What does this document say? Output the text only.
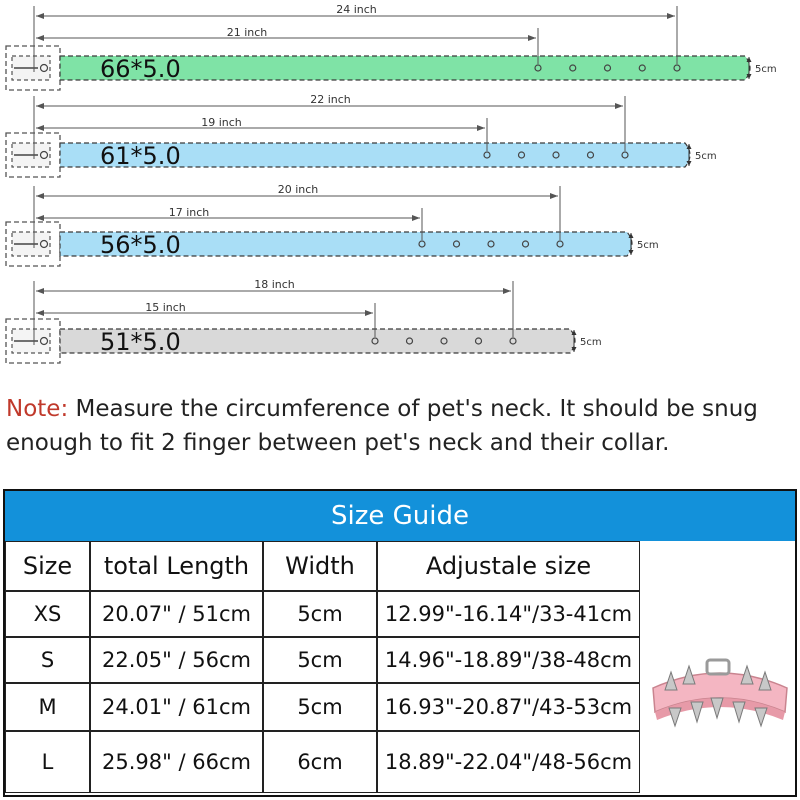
66*5.0
24 inch
21 inch
5cm
61*5.0
22 inch
19 inch
5cm
56*5.0
20 inch
17 inch
5cm
51*5.0
18 inch
15 inch
5cm
Note: Measure the circumference of pet's neck. It should be snug enough to fit 2 finger between pet's neck and their collar.
Size Guide
Size	total Length	Width	Adjustale size
XS	20.07" / 51cm	5cm	12.99"-16.14"/33-41cm
S	22.05" / 56cm	5cm	14.96"-18.89"/38-48cm
M	24.01" / 61cm	5cm	16.93"-20.87"/43-53cm
L	25.98" / 66cm	6cm	18.89"-22.04"/48-56cm
